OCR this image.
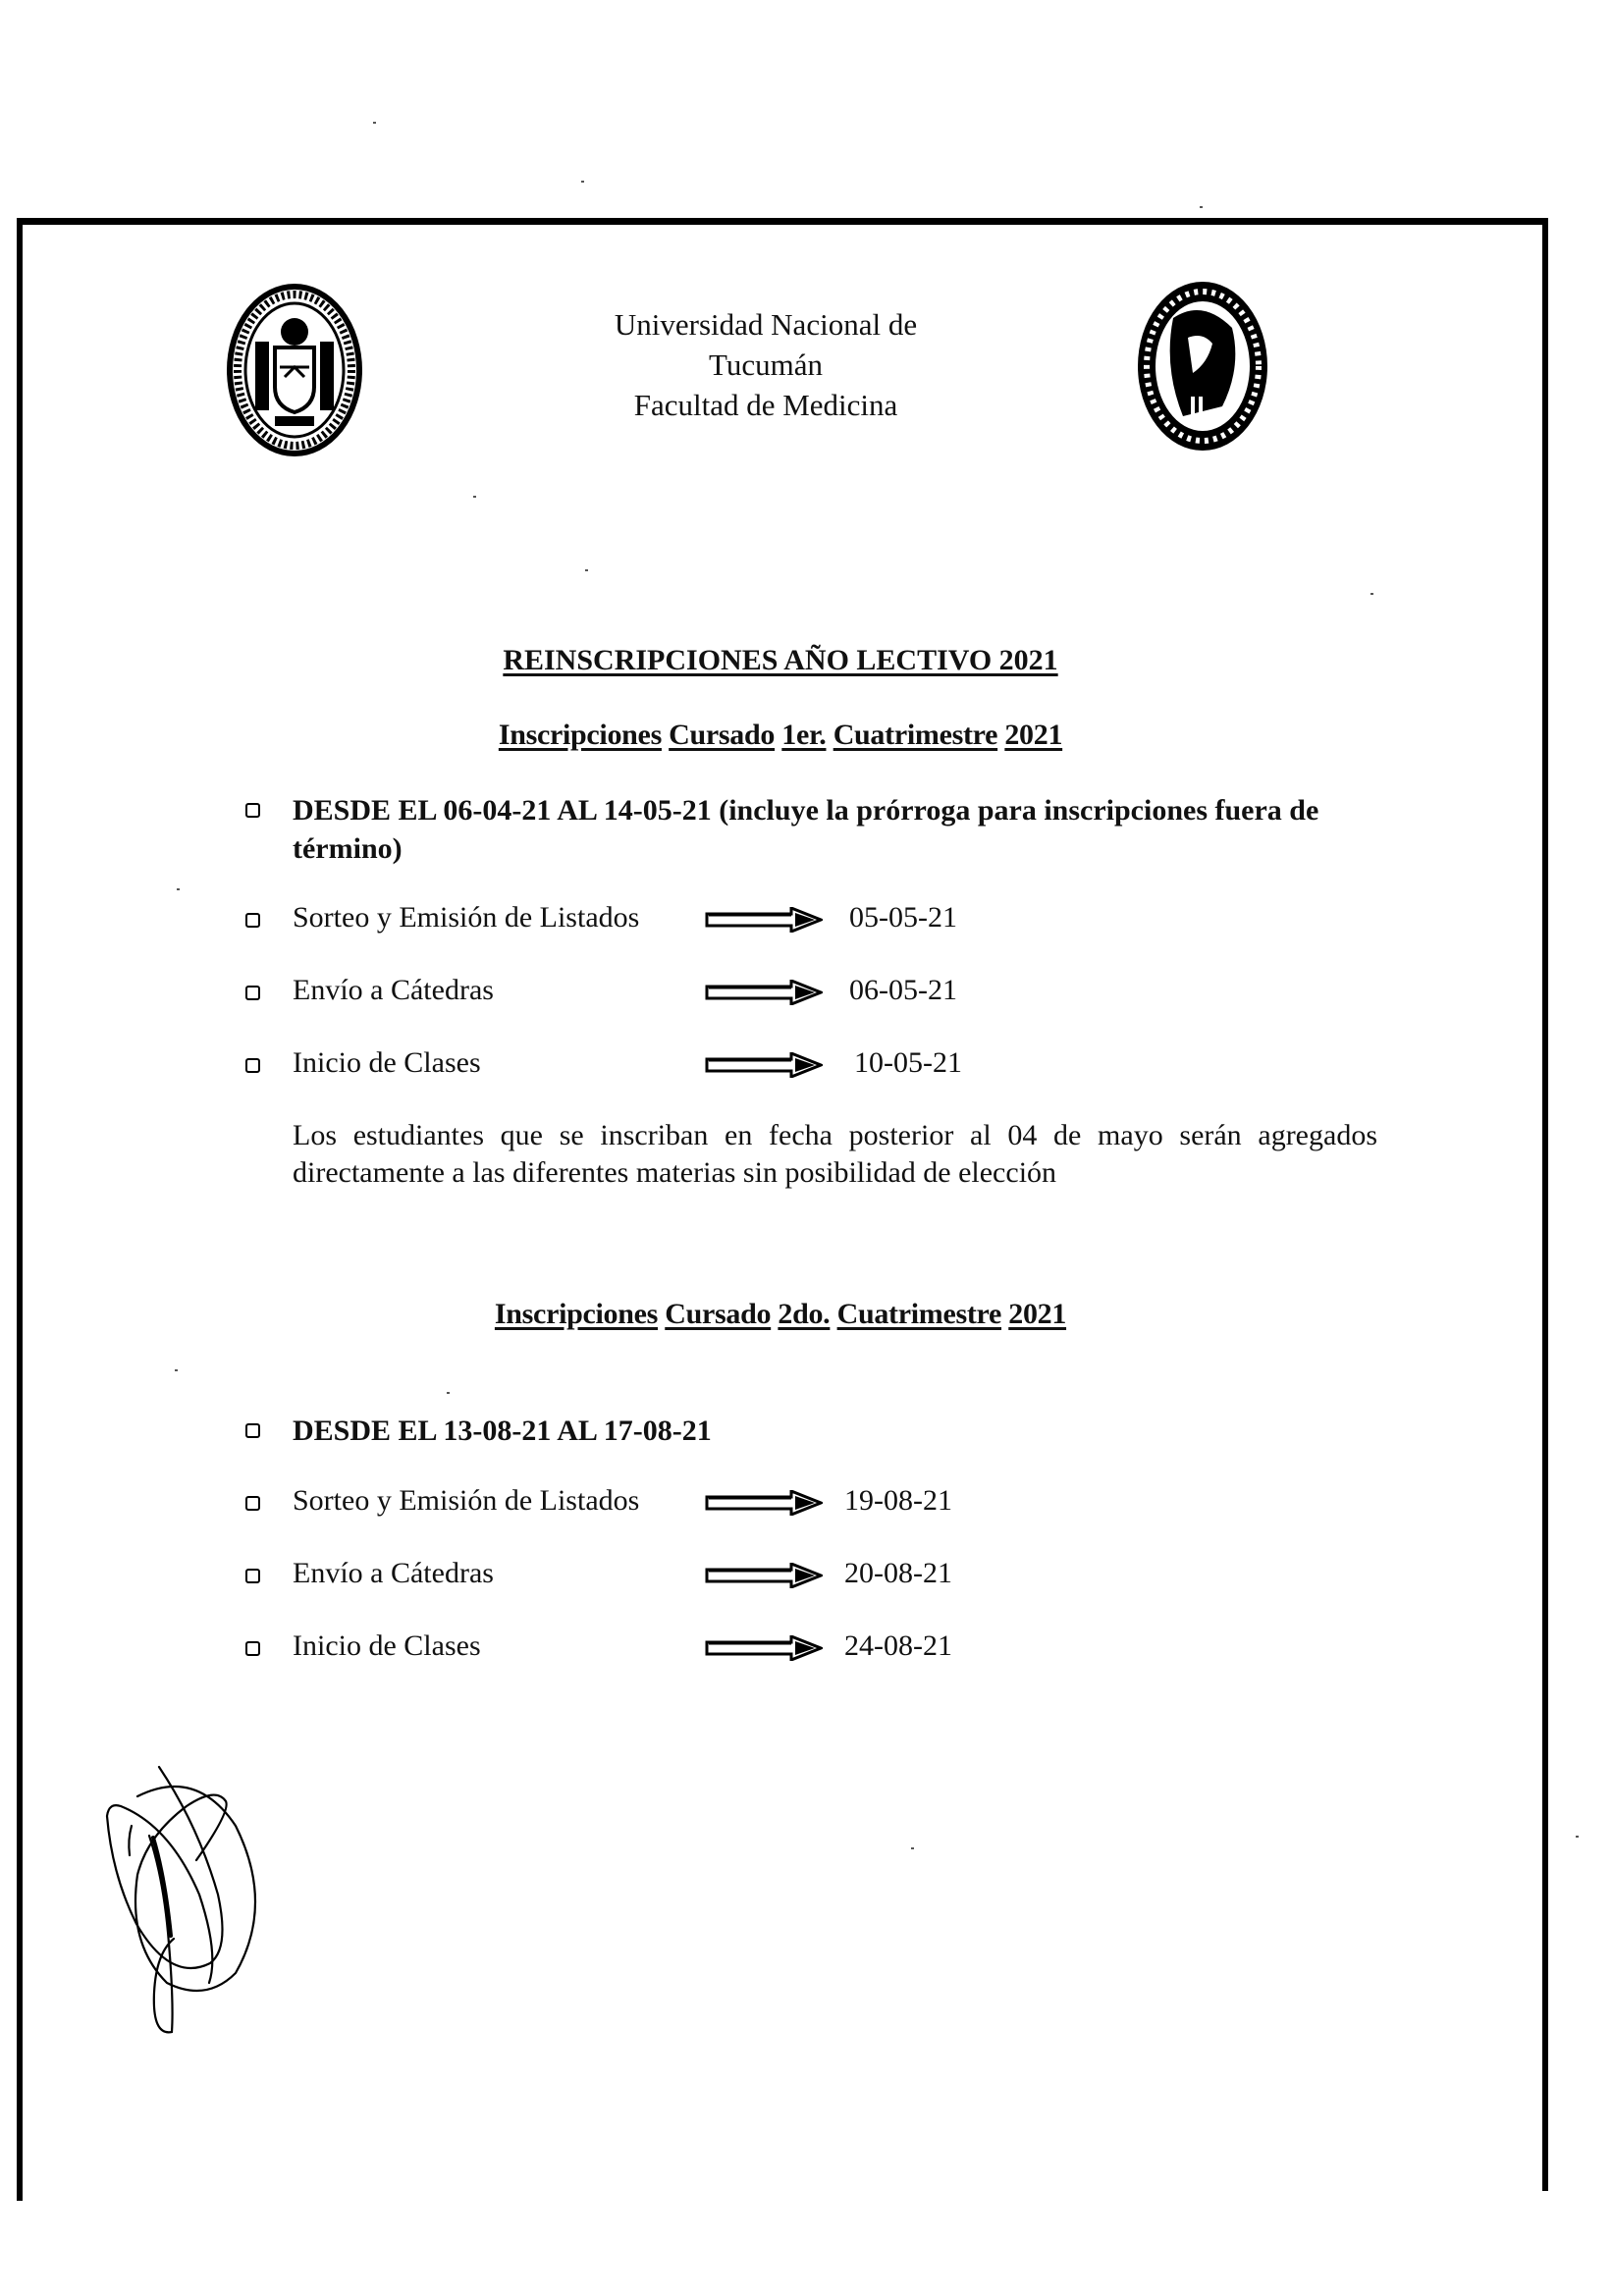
Universidad Nacional de
Tucumán
Facultad de Medicina
REINSCRIPCIONES AÑO LECTIVO 2021
Inscripciones Cursado 1er. Cuatrimestre 2021
DESDE EL 06-04-21 AL 14-05-21 (incluye la prórroga para inscripciones fuera de término)
Sorteo y Emisión de Listados	05-05-21
Envío a Cátedras	06-05-21
Inicio de Clases	10-05-21
Los estudiantes que se inscriban en fecha posterior al 04 de mayo serán agregados directamente a las diferentes materias sin posibilidad de elección
Inscripciones Cursado 2do. Cuatrimestre 2021
DESDE EL 13-08-21 AL 17-08-21
Sorteo y Emisión de Listados	19-08-21
Envío a Cátedras	20-08-21
Inicio de Clases	24-08-21
